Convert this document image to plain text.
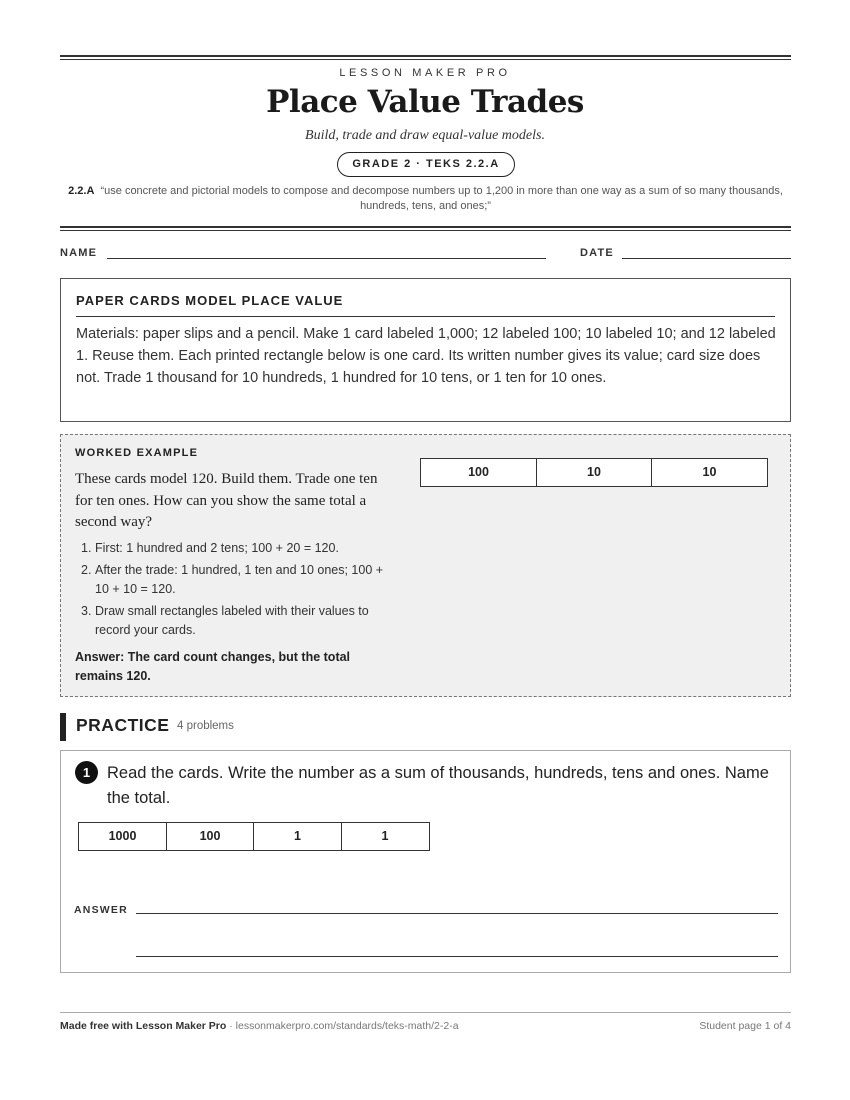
LESSON MAKER PRO
Place Value Trades
Build, trade and draw equal-value models.
GRADE 2 · TEKS 2.2.A
2.2.A “use concrete and pictorial models to compose and decompose numbers up to 1,200 in more than one way as a sum of so many thousands, hundreds, tens, and ones;”
NAME	DATE
PAPER CARDS MODEL PLACE VALUE

Materials: paper slips and a pencil. Make 1 card labeled 1,000; 12 labeled 100; 10 labeled 10; and 12 labeled 1. Reuse them. Each printed rectangle below is one card. Its written number gives its value; card size does not. Trade 1 thousand for 10 hundreds, 1 hundred for 10 tens, or 1 ten for 10 ones.

WORKED EXAMPLE
These cards model 120. Build them. Trade one ten for ten ones. How can you show the same total a second way?
1. First: 1 hundred and 2 tens; 100 + 20 = 120.
2. After the trade: 1 hundred, 1 ten and 10 ones; 100 + 10 + 10 = 120.
3. Draw small rectangles labeled with their values to record your cards.
Answer: The card count changes, but the total remains 120.
100	10	10
PRACTICE 4 problems
1	Read the cards. Write the number as a sum of thousands, hundreds, tens and ones. Name the total.
1000	100	1	1
ANSWER
Made free with Lesson Maker Pro · lessonmakerpro.com/standards/teks-math/2-2-a	Student page 1 of 4
